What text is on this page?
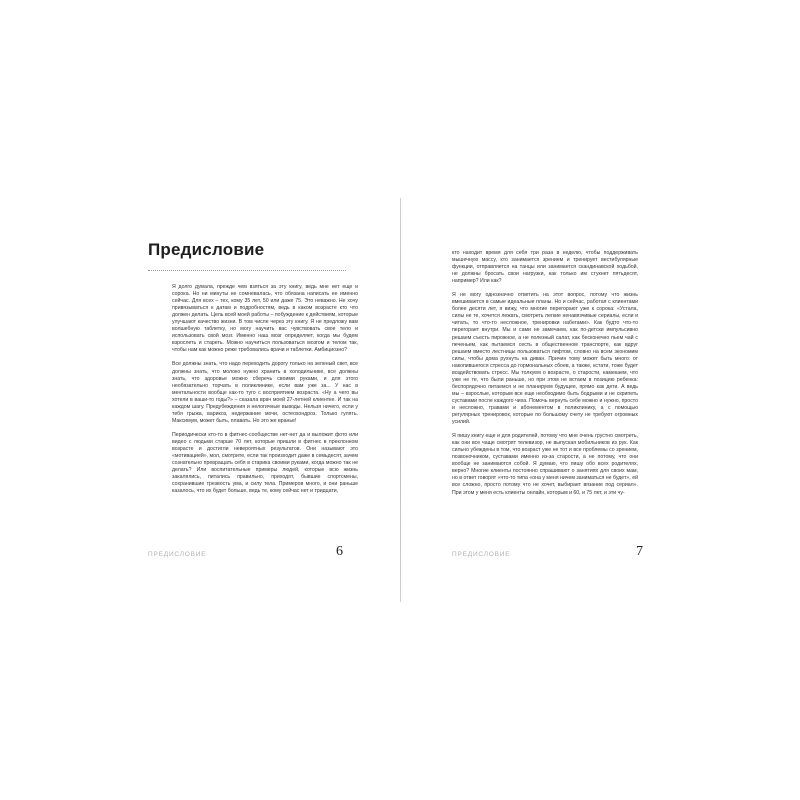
Предисловие

Я долго думала, прежде чем взяться за эту книгу, ведь мне нет еще и сорока. Но ни минуты не сомневалась, что обязана написать ее именно сейчас. Для всех – тех, кому 35 лет, 50 или даже 75. Это неважно. Не хочу привязываться к датам и подробностям, ведь в каком возрасте кто что должен делать. Цель всей моей работы – побуждение к действиям, которые улучшают качество жизни. В том числе через эту книгу. Я не предложу вам волшебную таблетку, но могу научить вас чувствовать свое тело и использовать свой мозг. Именно наш мозг определяет, когда мы будем взрослеть и стареть. Можно научиться пользоваться мозгом и телом так, чтобы нам как можно реже требовались врачи и таблетки. Амбициозно?

Все должны знать, что надо переходить дорогу только на зеленый свет, все должны знать, что молоко нужно хранить в холодильнике, все должны знать, что здоровье можно сберечь своими руками, и для этого необязательно торчать в поликлинике, если вам уже за... У нас в ментальности вообще как-то туго с восприятием возраста. «Ну а чего вы хотели в ваши-то годы?» – сказала врач моей 27-летней клиентке. И так на каждом шагу. Предубеждения и нелогичные выводы. Нельзя ничего, если у тебя грыжа, варикоз, недержание мочи, остеохондроз. Только гулять. Максимум, может быть, плавать. Но это же вранье!

Периодически кто-то в фитнес-сообществе нет-нет да и выложит фото или видео с людьми старше 70 лет, которые пришли в фитнес в преклонном возрасте и достигли невероятных результатов. Они называют это «мотивацией», мол, смотрите, если так произходит даже в семьдесят, зачем сознательно превращать себя в старика своими руками, когда можно так не делать? Или воспитательные примеры людей, которые всю жизнь закалялись, питались правильно, приходят, бывшие спортсмены, сохранившие трезвость ума, и силу тела. Примеров много, и они раньше казалось, что их будет больше, ведь те, кому сейчас нет и тридцати,

ПРЕДИСЛОВИЕ	6

кто находит время для себя три раза в неделю, чтобы поддерживать мышечную массу, кто занимается зрением и тренирует вестибулярные функции, отправляется на танцы или занимается скандинавской ходьбой, не должны бросать свои нагрузки, как только им стукнет пятьдесят, например? Или как?

Я не могу однозначно ответить на этот вопрос, потому что жизнь вмешивается в самые идеальные планы. Но и сейчас, работая с клиентами более десяти лет, я вижу, что многие перегорают уже к сорока: «Устала, силы не те, хочется лежать, смотреть легкие ненавязчивые сериалы, если и читать, то что-то несложное, тренировки набегами». Как будто что-то перегорает внутри. Мы и сами не замечаем, как по-детски импульсивно решаем съесть пирожное, а не полезный салат, как бесконечно пьем чай с печеньем, как пытаемся сесть в общественном транспорте, как вдруг решаем вместо лестницы пользоваться лифтом, словно на всем экономим силы, чтобы дома рухнуть на диван. Причин тому может быть много: от накопившегося стресса до гормональных сбоев, а также, кстати, тоже будет воздействовать стресс. Мы толкуем о возрасте, о старости, намекаем, что уже не те, что были раньше, но при этом не встаем в позицию ребенка: беспорядочно питаемся и не планируем будущее, прямо как дети. А ведь мы – взрослые, которым все еще необходимо быть бодрыми и не скрипеть суставами после каждого чиха. Помочь вернуть себе можно и нужно, просто и несложно, травами и абонементом в поликлинику, а с помощью регулярных тренировок, которые по большому счету не требуют огромных усилий.

Я пишу книгу еще и для родителей, потому что мне очень грустно смотреть, как они все чаще смотрят телевизор, не выпуская мобильников из рук. Как сильно убеждены в том, что возраст уже не тот и все проблемы со зрением, позвоночником, суставами именно из-за старости, а не потому, что они вообще не занимаются собой. Я думаю, что пишу обо всех родителях, верно? Многие клиенты постоянно спрашивают о занятиях для своих мам, но в ответ говорят «что-то типа «она у меня ничем заниматься не будет», ей все сложно, просто потому что не хочет, выбирает вязание под сериал». При этом у меня есть клиенты онлайн, которым и 60, и 75 лет, и эти чу-

ПРЕДИСЛОВИЕ	7
